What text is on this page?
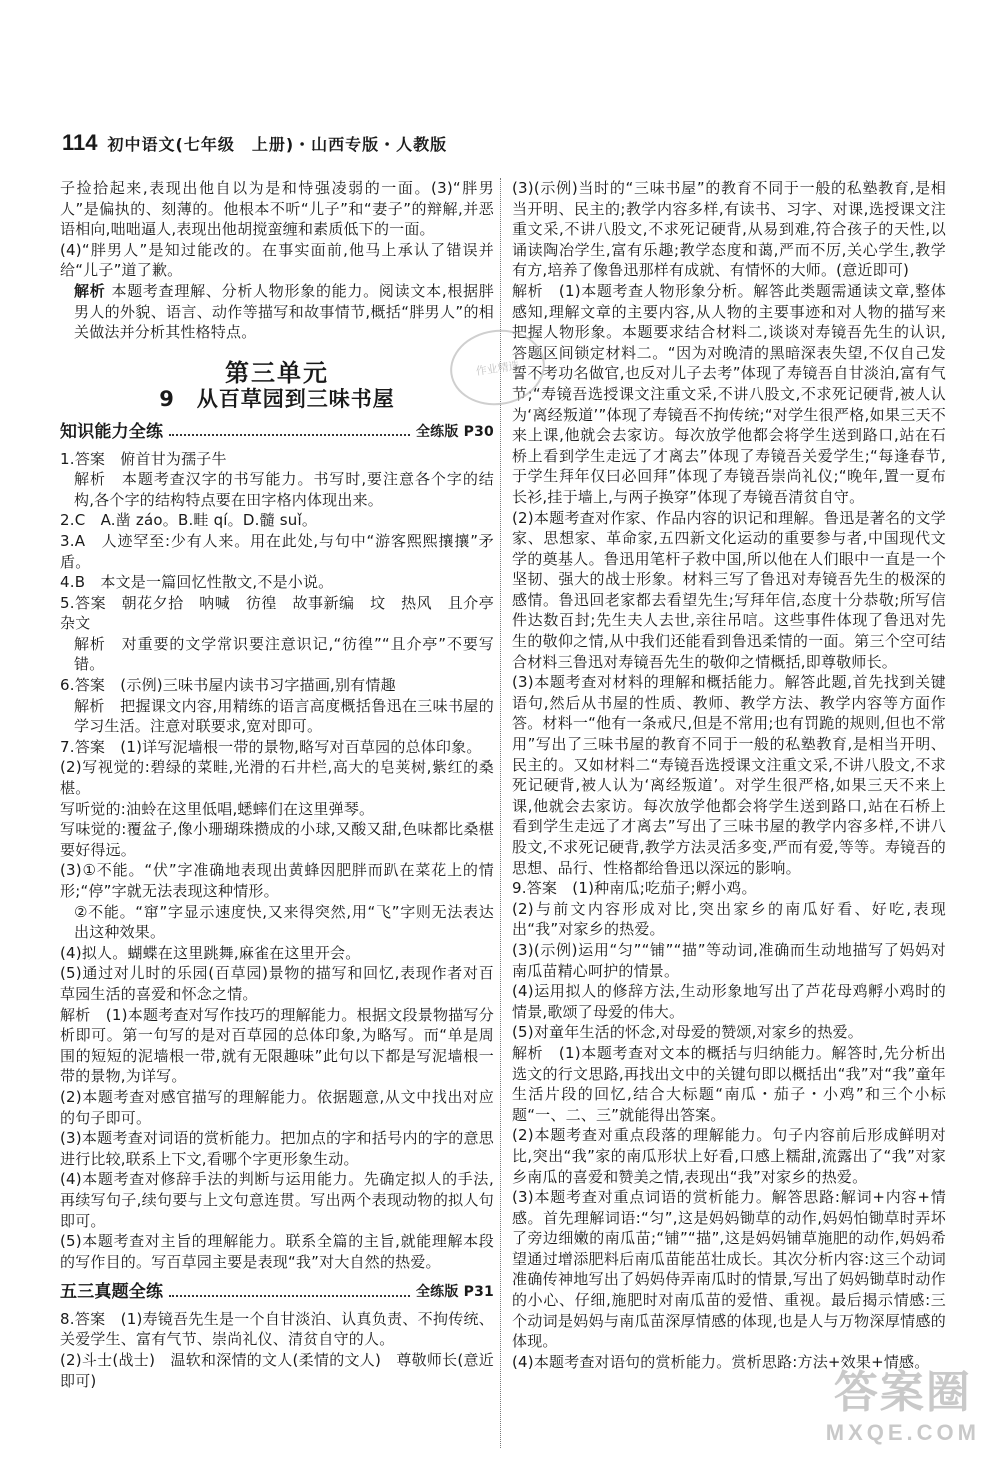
114 初中语文(七年级　上册)・山西专版・人教版

子捡拾起来,表现出他自以为是和恃强凌弱的一面。(3)“胖男人”是偏执的、刻薄的。他根本不听“儿子”和“妻子”的辩解,并恶语相向,咄咄逼人,表现出他胡搅蛮缠和素质低下的一面。

(4)“胖男人”是知过能改的。在事实面前,他马上承认了错误并给“儿子”道了歉。

解析 本题考查理解、分析人物形象的能力。阅读文本,根据胖男人的外貌、语言、动作等描写和故事情节,概括“胖男人”的相关做法并分析其性格特点。

第三单元
9　从百草园到三味书屋
知识能力全练	全练版 P30

1.答案　俯首甘为孺子牛

解析　本题考查汉字的书写能力。书写时,要注意各个字的结构,各个字的结构特点要在田字格内体现出来。

2.C　A.凿 záo。B.畦 qí。D.髓 suǐ。

3.A　人迹罕至:少有人来。用在此处,与句中“游客熙熙攘攘”矛盾。

4.B　本文是一篇回忆性散文,不是小说。

5.答案　朝花夕拾　呐喊　彷徨　故事新编　坟　热风　且介亭杂文

解析　对重要的文学常识要注意识记,“彷徨”“且介亭”不要写错。

6.答案　(示例)三味书屋内读书习字描画,别有情趣

解析　把握课文内容,用精练的语言高度概括鲁迅在三味书屋的学习生活。注意对联要求,宽对即可。

7.答案　(1)详写泥墙根一带的景物,略写对百草园的总体印象。

(2)写视觉的:碧绿的菜畦,光滑的石井栏,高大的皂荚树,紫红的桑椹。

写听觉的:油蛉在这里低唱,蟋蟀们在这里弹琴。

写味觉的:覆盆子,像小珊瑚珠攒成的小球,又酸又甜,色味都比桑椹要好得远。

(3)①不能。“伏”字准确地表现出黄蜂因肥胖而趴在菜花上的情形;“停”字就无法表现这种情形。

②不能。“窜”字显示速度快,又来得突然,用“飞”字则无法表达出这种效果。

(4)拟人。蝴蝶在这里跳舞,麻雀在这里开会。

(5)通过对儿时的乐园(百草园)景物的描写和回忆,表现作者对百草园生活的喜爱和怀念之情。

解析　(1)本题考查对写作技巧的理解能力。根据文段景物描写分析即可。第一句写的是对百草园的总体印象,为略写。而“单是周围的短短的泥墙根一带,就有无限趣味”此句以下都是写泥墙根一带的景物,为详写。

(2)本题考查对感官描写的理解能力。依据题意,从文中找出对应的句子即可。

(3)本题考查对词语的赏析能力。把加点的字和括号内的字的意思进行比较,联系上下文,看哪个字更形象生动。

(4)本题考查对修辞手法的判断与运用能力。先确定拟人的手法,再续写句子,续句要与上文句意连贯。写出两个表现动物的拟人句即可。

(5)本题考查对主旨的理解能力。联系全篇的主旨,就能理解本段的写作目的。写百草园主要是表现“我”对大自然的热爱。

五三真题全练	全练版 P31

8.答案　(1)寿镜吾先生是一个自甘淡泊、认真负责、不拘传统、关爱学生、富有气节、崇尚礼仪、清贫自守的人。

(2)斗士(战士)　温软和深情的文人(柔情的文人)　尊敬师长(意近即可)

(3)(示例)当时的“三味书屋”的教育不同于一般的私塾教育,是相当开明、民主的;教学内容多样,有读书、习字、对课,选授课文注重文采,不讲八股文,不求死记硬背,从易到难,符合孩子的天性,以诵读陶冶学生,富有乐趣;教学态度和蔼,严而不厉,关心学生,教学有方,培养了像鲁迅那样有成就、有情怀的大师。(意近即可)

解析　(1)本题考查人物形象分析。解答此类题需通读文章,整体感知,理解文章的主要内容,从人物的主要事迹和对人物的描写来把握人物形象。本题要求结合材料二,谈谈对寿镜吾先生的认识,答题区间锁定材料二。“因为对晚清的黑暗深表失望,不仅自己发誓不考功名做官,也反对儿子去考”体现了寿镜吾自甘淡泊,富有气节;“寿镜吾选授课文注重文采,不讲八股文,不求死记硬背,被人认为‘离经叛道’”体现了寿镜吾不拘传统;“对学生很严格,如果三天不来上课,他就会去家访。每次放学他都会将学生送到路口,站在石桥上看到学生走远了才离去”体现了寿镜吾关爱学生;“每逢春节,于学生拜年仅曰必回拜”体现了寿镜吾崇尚礼仪;“晚年,置一夏布长衫,挂于墙上,与两子换穿”体现了寿镜吾清贫自守。

(2)本题考查对作家、作品内容的识记和理解。鲁迅是著名的文学家、思想家、革命家,五四新文化运动的重要参与者,中国现代文学的奠基人。鲁迅用笔杆子救中国,所以他在人们眼中一直是一个坚韧、强大的战士形象。材料三写了鲁迅对寿镜吾先生的极深的感情。鲁迅回老家都去看望先生;写拜年信,态度十分恭敬;所写信件达数百封;先生夫人去世,亲往吊唁。这些事件体现了鲁迅对先生的敬仰之情,从中我们还能看到鲁迅柔情的一面。第三个空可结合材料三鲁迅对寿镜吾先生的敬仰之情概括,即尊敬师长。

(3)本题考查对材料的理解和概括能力。解答此题,首先找到关键语句,然后从书屋的性质、教师、教学方法、教学内容等方面作答。材料一“他有一条戒尺,但是不常用;也有罚跪的规则,但也不常用”写出了三味书屋的教育不同于一般的私塾教育,是相当开明、民主的。又如材料二“寿镜吾选授课文注重文采,不讲八股文,不求死记硬背,被人认为‘离经叛道’。对学生很严格,如果三天不来上课,他就会去家访。每次放学他都会将学生送到路口,站在石桥上看到学生走远了才离去”写出了三味书屋的教学内容多样,不讲八股文,不求死记硬背,教学方法灵活多变,严而有爱,等等。寿镜吾的思想、品行、性格都给鲁迅以深远的影响。

9.答案　(1)种南瓜;吃茄子;孵小鸡。

(2)与前文内容形成对比,突出家乡的南瓜好看、好吃,表现出“我”对家乡的热爱。

(3)(示例)运用“匀”“铺”“描”等动词,准确而生动地描写了妈妈对南瓜苗精心呵护的情景。

(4)运用拟人的修辞方法,生动形象地写出了芦花母鸡孵小鸡时的情景,歌颂了母爱的伟大。

(5)对童年生活的怀念,对母爱的赞颂,对家乡的热爱。

解析　(1)本题考查对文本的概括与归纳能力。解答时,先分析出选文的行文思路,再找出文中的关键句即以概括出“我”对“我”童年生活片段的回忆,结合大标题“南瓜・茄子・小鸡”和三个小标题“一、二、三”就能得出答案。

(2)本题考查对重点段落的理解能力。句子内容前后形成鲜明对比,突出“我”家的南瓜形状上好看,口感上糯甜,流露出了“我”对家乡南瓜的喜爱和赞美之情,表现出“我”对家乡的热爱。

(3)本题考查对重点词语的赏析能力。解答思路:解词+内容+情感。首先理解词语:“匀”,这是妈妈锄草的动作,妈妈怕锄草时弄坏了旁边细嫩的南瓜苗;“铺”“描”,这是妈妈铺草施肥的动作,妈妈希望通过增添肥料后南瓜苗能茁壮成长。其次分析内容:这三个动词准确传神地写出了妈妈侍弄南瓜时的情景,写出了妈妈锄草时动作的小心、仔细,施肥时对南瓜苗的爱惜、重视。最后揭示情感:三个动词是妈妈与南瓜苗深厚情感的体现,也是人与万物深厚情感的体现。

(4)本题考查对语句的赏析能力。赏析思路:方法+效果+情感。

作业精选
答案圈
MXQE.COM
